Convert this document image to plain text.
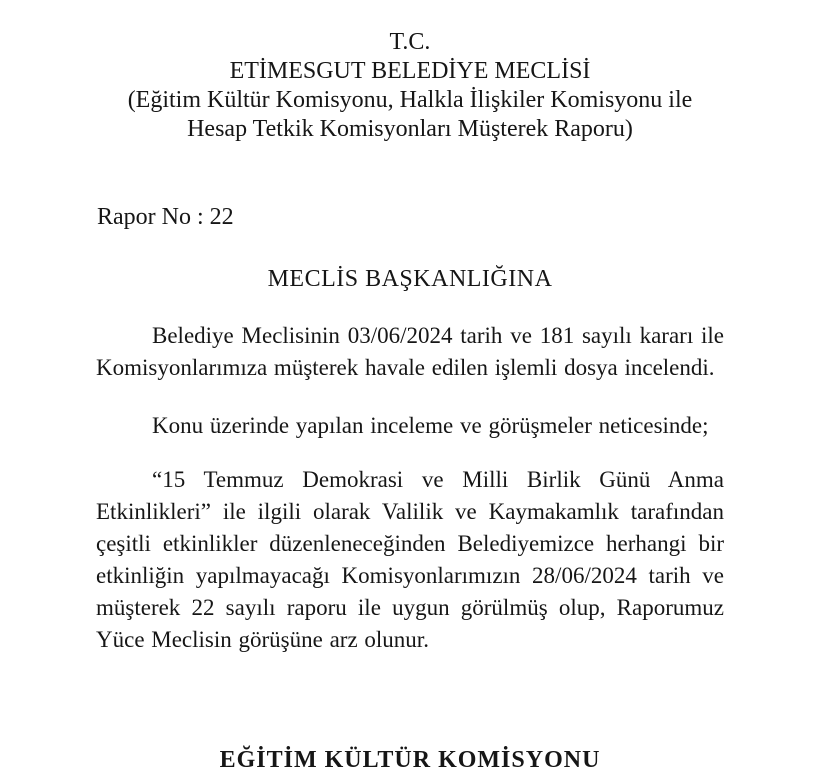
T.C.
ETİMESGUT BELEDİYE MECLİSİ
(Eğitim Kültür Komisyonu, Halkla İlişkiler Komisyonu ile
Hesap Tetkik Komisyonları Müşterek Raporu)
Rapor No : 22
MECLİS BAŞKANLIĞINA

Belediye Meclisinin 03/06/2024 tarih ve 181 sayılı kararı ile Komisyonlarımıza müşterek havale edilen işlemli dosya incelendi.

Konu üzerinde yapılan inceleme ve görüşmeler neticesinde;

“15 Temmuz Demokrasi ve Milli Birlik Günü Anma Etkinlikleri” ile ilgili olarak Valilik ve Kaymakamlık tarafından çeşitli etkinlikler düzenleneceğinden Belediyemizce herhangi bir etkinliğin yapılmayacağı Komisyonlarımızın 28/06/2024 tarih ve müşterek 22 sayılı raporu ile uygun görülmüş olup, Raporumuz Yüce Meclisin görüşüne arz olunur.

EĞİTİM KÜLTÜR KOMİSYONU
